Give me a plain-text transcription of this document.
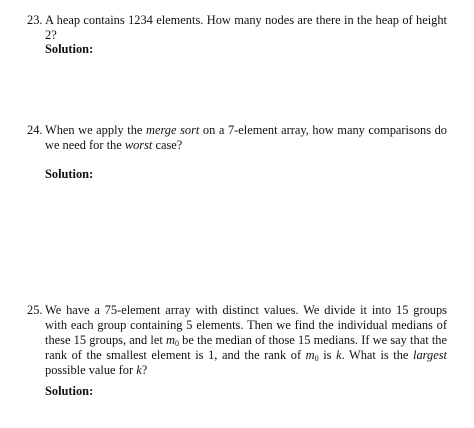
23. A heap contains 1234 elements. How many nodes are there in the heap of height 2?
Solution:
24. When we apply the merge sort on a 7-element array, how many comparisons do we need for the worst case?
Solution:
25. We have a 75-element array with distinct values. We divide it into 15 groups with each group containing 5 elements. Then we find the individual medians of these 15 groups, and let $m_0$ be the median of those 15 medians. If we say that the rank of the smallest element is 1, and the rank of $m_0$ is k. What is the largest possible value for k?
Solution:
